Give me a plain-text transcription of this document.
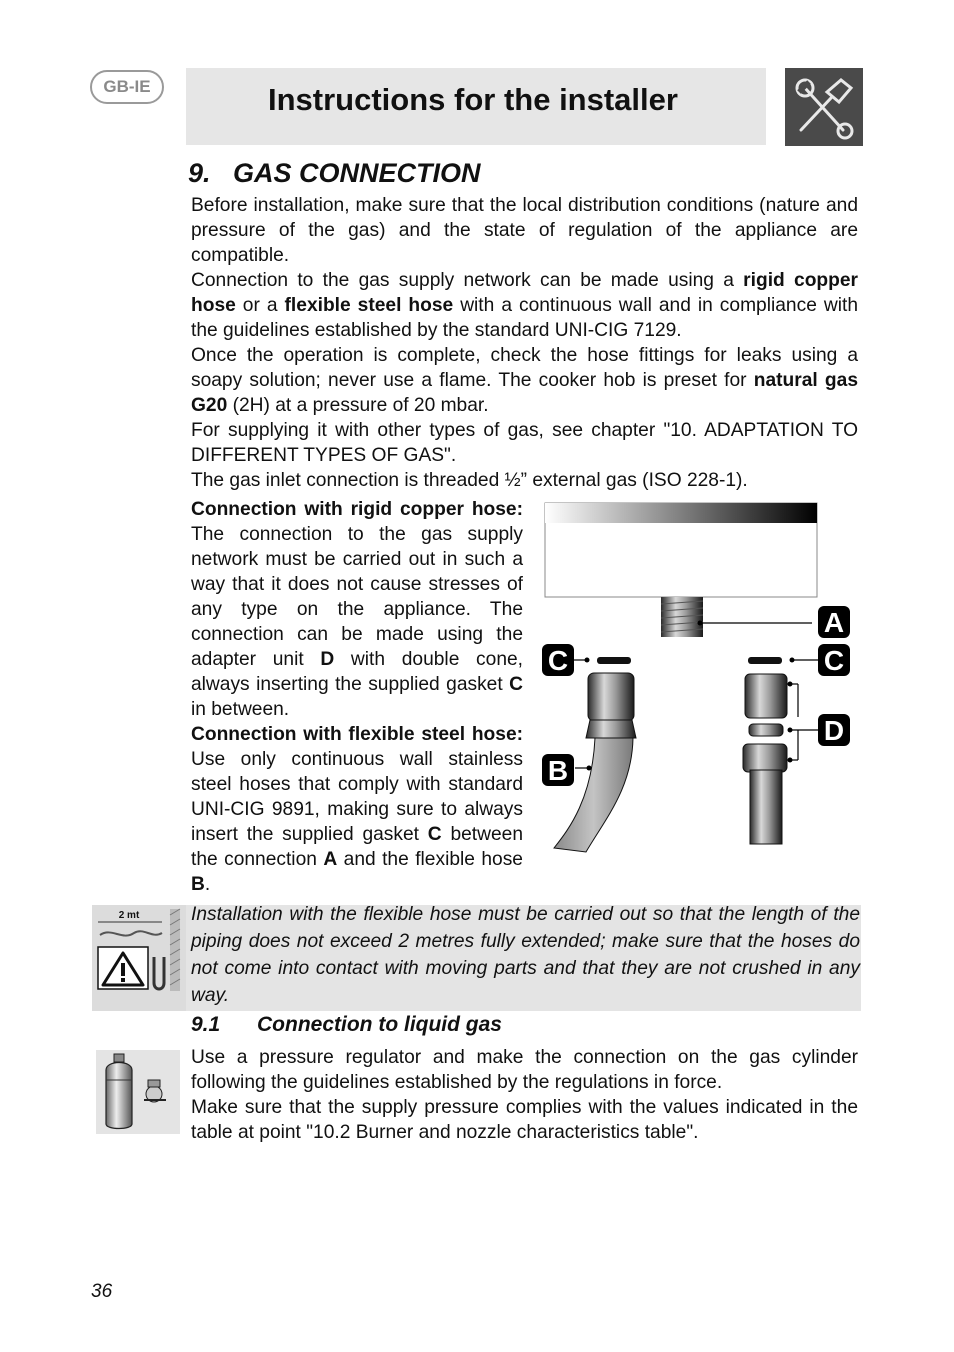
GB-IE	Instructions for the installer
9. GAS CONNECTION

Before installation, make sure that the local distribution conditions (nature and pressure of the gas) and the state of regulation of the appliance are compatible.

Connection to the gas supply network can be made using a rigid copper hose or a flexible steel hose with a continuous wall and in compliance with the guidelines established by the standard UNI-CIG 7129.

Once the operation is complete, check the hose fittings for leaks using a soapy solution; never use a flame. The cooker hob is preset for natural gas G20 (2H) at a pressure of 20 mbar.

For supplying it with other types of gas, see chapter "10. ADAPTATION TO DIFFERENT TYPES OF GAS".

The gas inlet connection is threaded ½” external gas (ISO 228-1).

Connection with rigid copper hose: The connection to the gas supply network must be carried out in such a way that it does not cause stresses of any type on the appliance. The connection can be made using the adapter unit D with double cone, always inserting the supplied gasket C in between.

Connection with flexible steel hose: Use only continuous wall stainless steel hoses that comply with standard UNI-CIG 9891, making sure to always insert the supplied gasket C between the connection A and the flexible hose B.

A
C
B
C
D
2 mt	Installation with the flexible hose must be carried out so that the length of the piping does not exceed 2 metres fully extended; make sure that the hoses do not come into contact with moving parts and that they are not crushed in any way.
9.1 Connection to liquid gas

Use a pressure regulator and make the connection on the gas cylinder following the guidelines established by the regulations in force.

Make sure that the supply pressure complies with the values indicated in the table at point "10.2 Burner and nozzle characteristics table".

36
